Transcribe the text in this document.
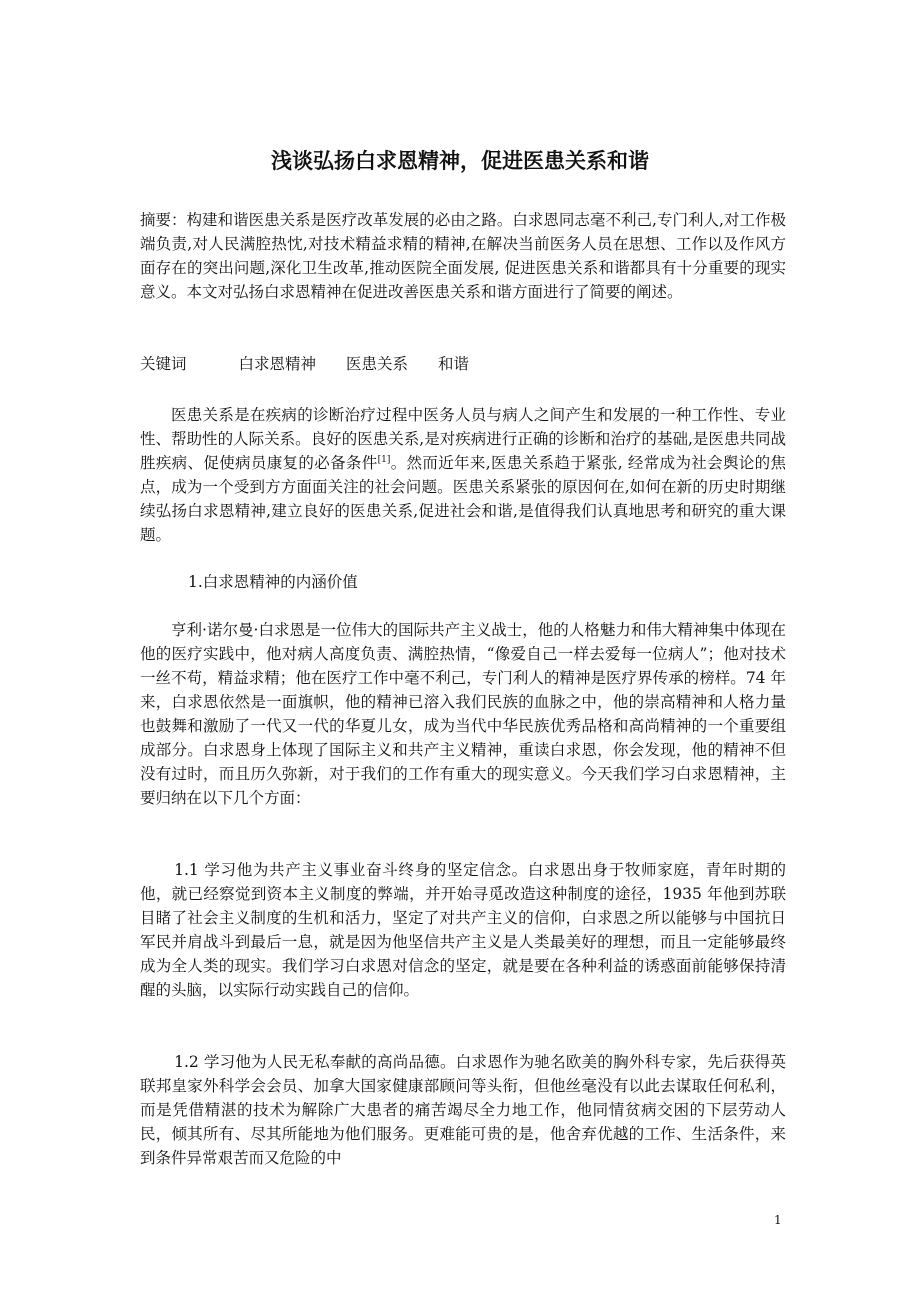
浅谈弘扬白求恩精神，促进医患关系和谐

摘要：构建和谐医患关系是医疗改革发展的必由之路。白求恩同志毫不利己,专门利人,对工作极端负责,对人民满腔热忱,对技术精益求精的精神,在解决当前医务人员在思想、工作以及作风方面存在的突出问题,深化卫生改革,推动医院全面发展, 促进医患关系和谐都具有十分重要的现实意义。本文对弘扬白求恩精神在促进改善医患关系和谐方面进行了简要的阐述。

关键词	白求恩精神 医患关系 和谐

医患关系是在疾病的诊断治疗过程中医务人员与病人之间产生和发展的一种工作性、专业性、帮助性的人际关系。良好的医患关系,是对疾病进行正确的诊断和治疗的基础,是医患共同战胜疾病、促使病员康复的必备条件[1]。然而近年来,医患关系趋于紧张, 经常成为社会舆论的焦点，成为一个受到方方面面关注的社会问题。医患关系紧张的原因何在,如何在新的历史时期继续弘扬白求恩精神,建立良好的医患关系,促进社会和谐,是值得我们认真地思考和研究的重大课题。

1.白求恩精神的内涵价值

亨利·诺尔曼·白求恩是一位伟大的国际共产主义战士，他的人格魅力和伟大精神集中体现在他的医疗实践中，他对病人高度负责、满腔热情，“像爱自己一样去爱每一位病人”；他对技术一丝不苟，精益求精；他在医疗工作中毫不利己，专门利人的精神是医疗界传承的榜样。74 年来，白求恩依然是一面旗帜，他的精神已溶入我们民族的血脉之中，他的崇高精神和人格力量也鼓舞和激励了一代又一代的华夏儿女，成为当代中华民族优秀品格和高尚精神的一个重要组成部分。白求恩身上体现了国际主义和共产主义精神，重读白求恩，你会发现，他的精神不但没有过时，而且历久弥新，对于我们的工作有重大的现实意义。今天我们学习白求恩精神，主要归纳在以下几个方面：

1.1 学习他为共产主义事业奋斗终身的坚定信念。白求恩出身于牧师家庭，青年时期的他，就已经察觉到资本主义制度的弊端，并开始寻觅改造这种制度的途径，1935 年他到苏联目睹了社会主义制度的生机和活力，坚定了对共产主义的信仰，白求恩之所以能够与中国抗日军民并肩战斗到最后一息，就是因为他坚信共产主义是人类最美好的理想，而且一定能够最终成为全人类的现实。我们学习白求恩对信念的坚定，就是要在各种利益的诱惑面前能够保持清醒的头脑，以实际行动实践自己的信仰。

1.2 学习他为人民无私奉献的高尚品德。白求恩作为驰名欧美的胸外科专家，先后获得英联邦皇家外科学会会员、加拿大国家健康部顾问等头衔，但他丝毫没有以此去谋取任何私利，而是凭借精湛的技术为解除广大患者的痛苦竭尽全力地工作，他同情贫病交困的下层劳动人民，倾其所有、尽其所能地为他们服务。更难能可贵的是，他舍弃优越的工作、生活条件，来到条件异常艰苦而又危险的中

1
